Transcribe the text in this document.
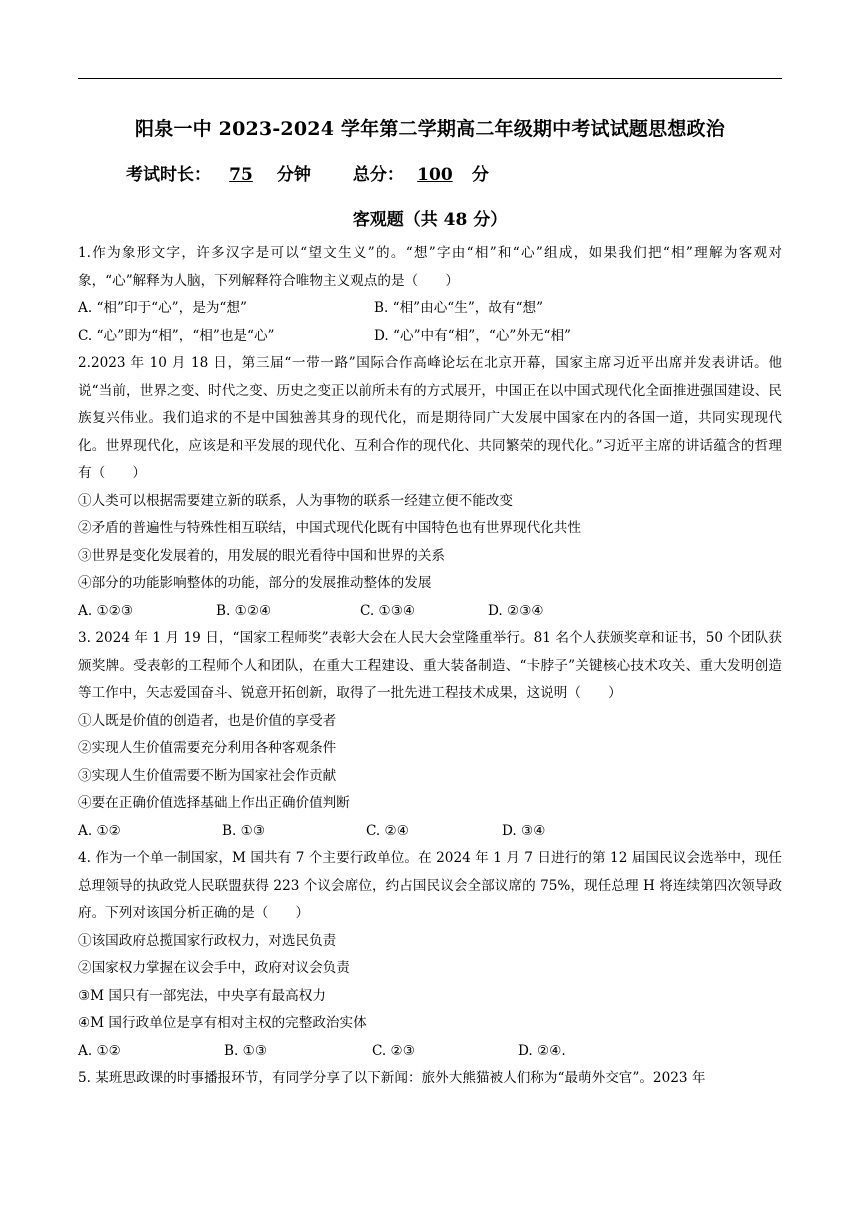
阳泉一中 2023-2024 学年第二学期高二年级期中考试试题思想政治
考试时长： 75 分钟 总分： 100 分
客观题（共 48 分）

1.作为象形文字，许多汉字是可以“望文生义”的。“想”字由“相”和“心”组成，如果我们把“相”理解为客观对象，“心”解释为人脑，下列解释符合唯物主义观点的是（　　）

A. “相”印于“心”，是为“想”	B. “相”由心“生”，故有“想”
C. “心”即为“相”，“相”也是“心”	D. “心”中有“相”，“心”外无“相”

2.2023 年 10 月 18 日，第三届“一带一路”国际合作高峰论坛在北京开幕，国家主席习近平出席并发表讲话。他说“当前，世界之变、时代之变、历史之变正以前所未有的方式展开，中国正在以中国式现代化全面推进强国建设、民族复兴伟业。我们追求的不是中国独善其身的现代化，而是期待同广大发展中国家在内的各国一道，共同实现现代化。世界现代化，应该是和平发展的现代化、互利合作的现代化、共同繁荣的现代化。”习近平主席的讲话蕴含的哲理有（　　）

①人类可以根据需要建立新的联系，人为事物的联系一经建立便不能改变

②矛盾的普遍性与特殊性相互联结，中国式现代化既有中国特色也有世界现代化共性

③世界是变化发展着的，用发展的眼光看待中国和世界的关系

④部分的功能影响整体的功能，部分的发展推动整体的发展

A. ①②③	B. ①②④	C. ①③④	D. ②③④

3. 2024 年 1 月 19 日，“国家工程师奖”表彰大会在人民大会堂隆重举行。81 名个人获颁奖章和证书，50 个团队获颁奖牌。受表彰的工程师个人和团队，在重大工程建设、重大装备制造、“卡脖子”关键核心技术攻关、重大发明创造等工作中，矢志爱国奋斗、锐意开拓创新，取得了一批先进工程技术成果，这说明（　　）

①人既是价值的创造者，也是价值的享受者

②实现人生价值需要充分利用各种客观条件

③实现人生价值需要不断为国家社会作贡献

④要在正确价值选择基础上作出正确价值判断

A. ①②	B. ①③	C. ②④	D. ③④

4. 作为一个单一制国家，M 国共有 7 个主要行政单位。在 2024 年 1 月 7 日进行的第 12 届国民议会选举中，现任总理领导的执政党人民联盟获得 223 个议会席位，约占国民议会全部议席的 75%，现任总理 H 将连续第四次领导政府。下列对该国分析正确的是（　　）

①该国政府总揽国家行政权力，对选民负责

②国家权力掌握在议会手中，政府对议会负责

③M 国只有一部宪法，中央享有最高权力

④M 国行政单位是享有相对主权的完整政治实体

A. ①②	B. ①③	C. ②③	D. ②④.

5. 某班思政课的时事播报环节，有同学分享了以下新闻：旅外大熊猫被人们称为“最萌外交官”。2023 年
